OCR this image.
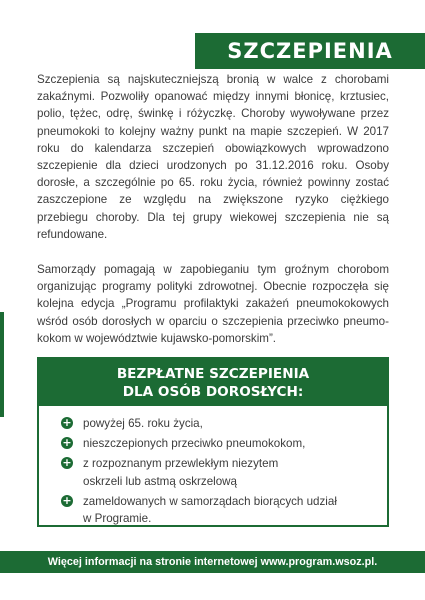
SZCZEPIENIA

Szczepienia są najskuteczniejszą bronią w walce z chorobami zakaźnymi. Pozwoliły opanować między innymi błonicę, krztusiec, polio, tężec, odrę, świnkę i różyczkę. Choroby wywoływane przez pneumokoki to kolejny ważny punkt na mapie szczepień. W 2017 roku do kalendarza szczepień obowiązkowych wprowadzono szczepienie dla dzieci urodzonych po 31.12.2016 roku. Osoby dorosłe, a szczególnie po 65. roku życia, również powinny zostać zaszczepione ze względu na zwiększone ryzyko ciężkiego przebiegu choroby. Dla tej grupy wiekowej szczepienia nie są refundowane.

Samorządy pomagają w zapobieganiu tym groźnym chorobom organizując programy polityki zdrowotnej. Obecnie rozpoczęła się kolejna edycja „Programu profilaktyki zakażeń pneumokokowych wśród osób dorosłych w oparciu o szczepienia przeciwko pneumo-kokom w województwie kujawsko-pomorskim”.

BEZPŁATNE SZCZEPIENIA
DLA OSÓB DOROSŁYCH:
+ powyżej 65. roku życia,
+ nieszczepionych przeciwko pneumokokom,
+ z rozpoznanym przewlekłym niezytem oskrzeli lub astmą oskrzelową
+ zameldowanych w samorządach biorących udział w Programie.
Więcej informacji na stronie internetowej www.program.wsoz.pl.
